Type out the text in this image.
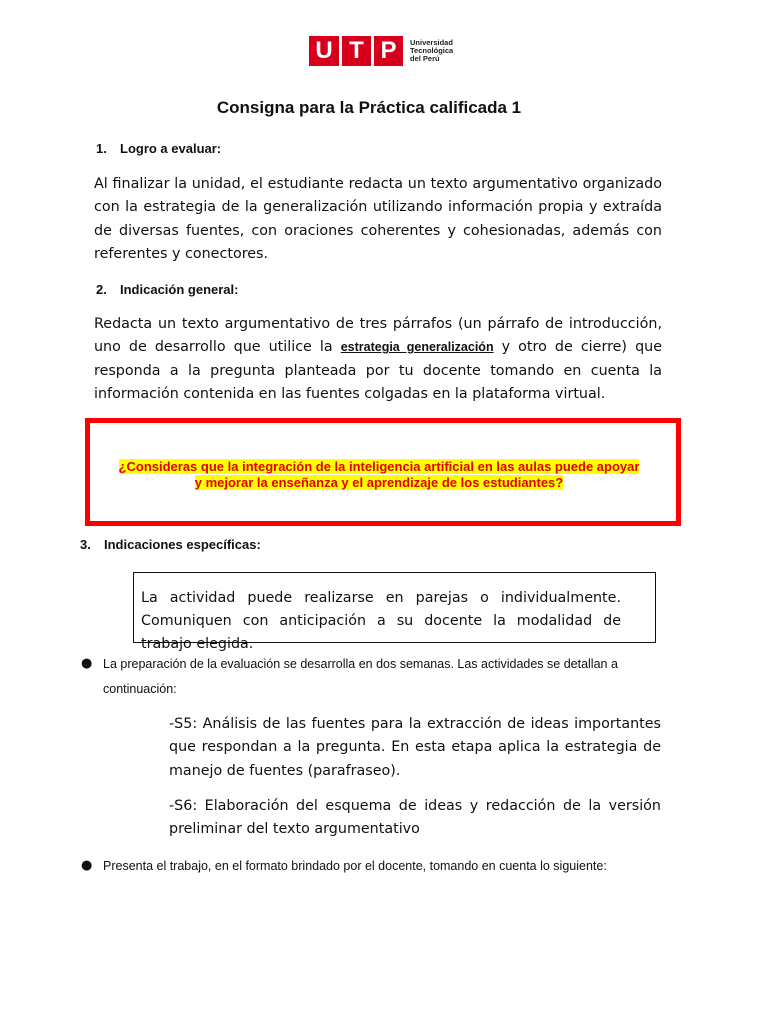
U T P	Universidad
Tecnológica
del Perú
Consigna para la Práctica calificada 1
1. Logro a evaluar:
Al finalizar la unidad, el estudiante redacta un texto argumentativo organizado con la estrategia de la generalización utilizando información propia y extraída de diversas fuentes, con oraciones coherentes y cohesionadas, además con referentes y conectores.
2. Indicación general:
Redacta un texto argumentativo de tres párrafos (un párrafo de introducción, uno de desarrollo que utilice la estrategia generalización y otro de cierre) que responda a la pregunta planteada por tu docente tomando en cuenta la información contenida en las fuentes colgadas en la plataforma virtual.
¿Consideras que la integración de la inteligencia artificial en las aulas puede apoyar
y mejorar la enseñanza y el aprendizaje de los estudiantes?
3. Indicaciones específicas:
La actividad puede realizarse en parejas o individualmente. Comuniquen con anticipación a su docente la modalidad de trabajo elegida.
● La preparación de la evaluación se desarrolla en dos semanas. Las actividades se detallan a continuación:
-S5: Análisis de las fuentes para la extracción de ideas importantes que respondan a la pregunta. En esta etapa aplica la estrategia de manejo de fuentes (parafraseo).
-S6: Elaboración del esquema de ideas y redacción de la versión preliminar del texto argumentativo
● Presenta el trabajo, en el formato brindado por el docente, tomando en cuenta lo siguiente:
